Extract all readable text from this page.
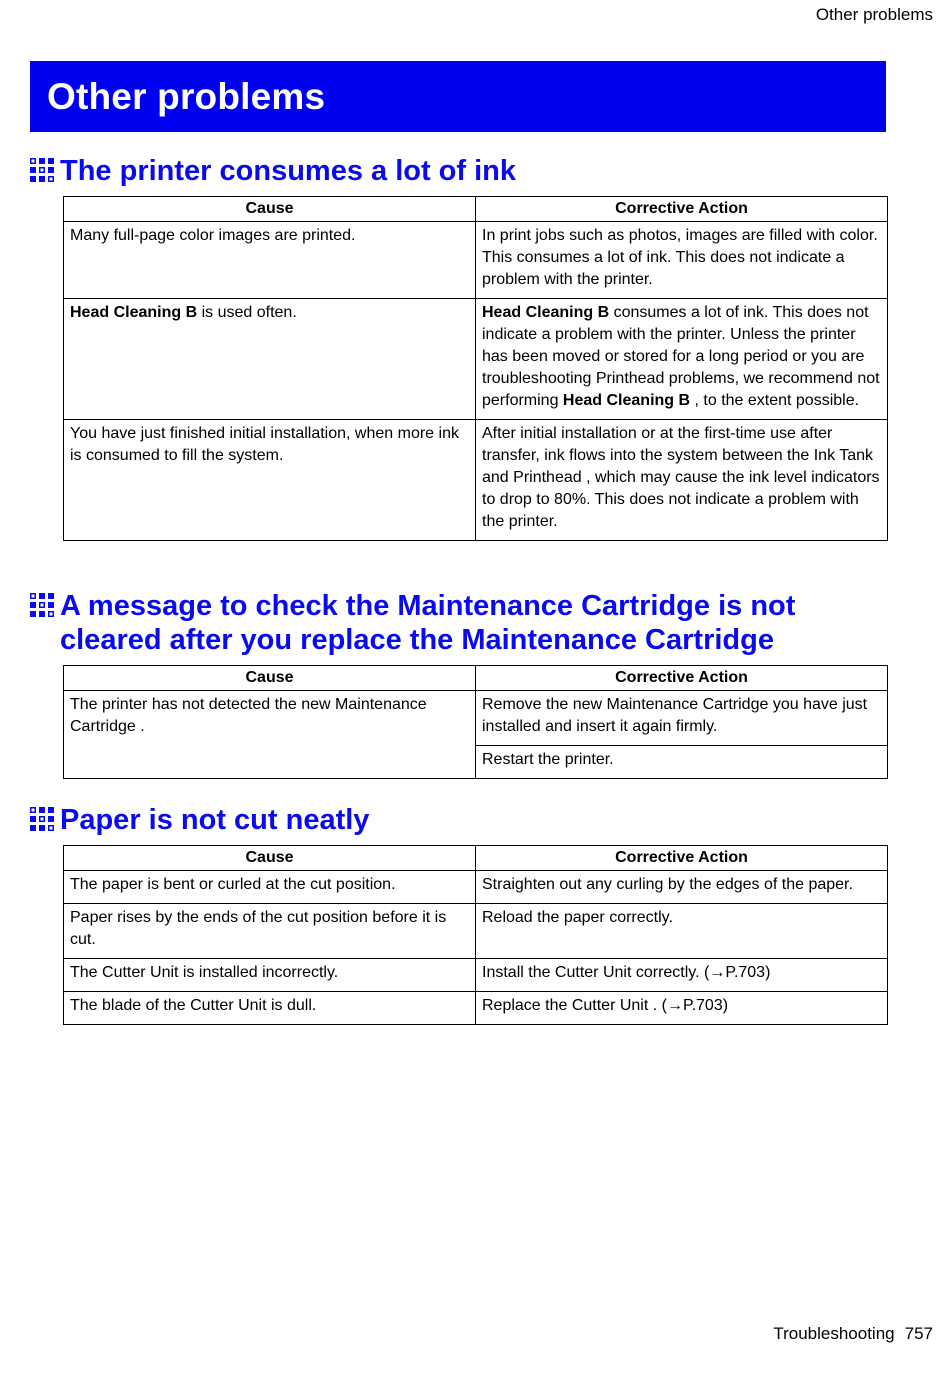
Other problems
Other problems
The printer consumes a lot of ink
Cause	Corrective Action
Many full-page color images are printed.	In print jobs such as photos, images are filled with color. This consumes a lot of ink. This does not indicate a problem with the printer.
Head Cleaning B is used often.	Head Cleaning B consumes a lot of ink. This does not indicate a problem with the printer. Unless the printer has been moved or stored for a long period or you are troubleshooting Printhead problems, we recommend not performing Head Cleaning B , to the extent possible.
You have just finished initial installation, when more ink is consumed to fill the system.	After initial installation or at the first-time use after transfer, ink flows into the system between the Ink Tank and Printhead , which may cause the ink level indicators to drop to 80%. This does not indicate a problem with the printer.
A message to check the Maintenance Cartridge is not cleared after you replace the Maintenance Cartridge
Cause	Corrective Action
The printer has not detected the new Maintenance Cartridge .	Remove the new Maintenance Cartridge you have just installed and insert it again firmly.
	Restart the printer.
Paper is not cut neatly
Cause	Corrective Action
The paper is bent or curled at the cut position.	Straighten out any curling by the edges of the paper.
Paper rises by the ends of the cut position before it is cut.	Reload the paper correctly.
The Cutter Unit is installed incorrectly.	Install the Cutter Unit correctly. (→P.703)
The blade of the Cutter Unit is dull.	Replace the Cutter Unit . (→P.703)
Troubleshooting 757
